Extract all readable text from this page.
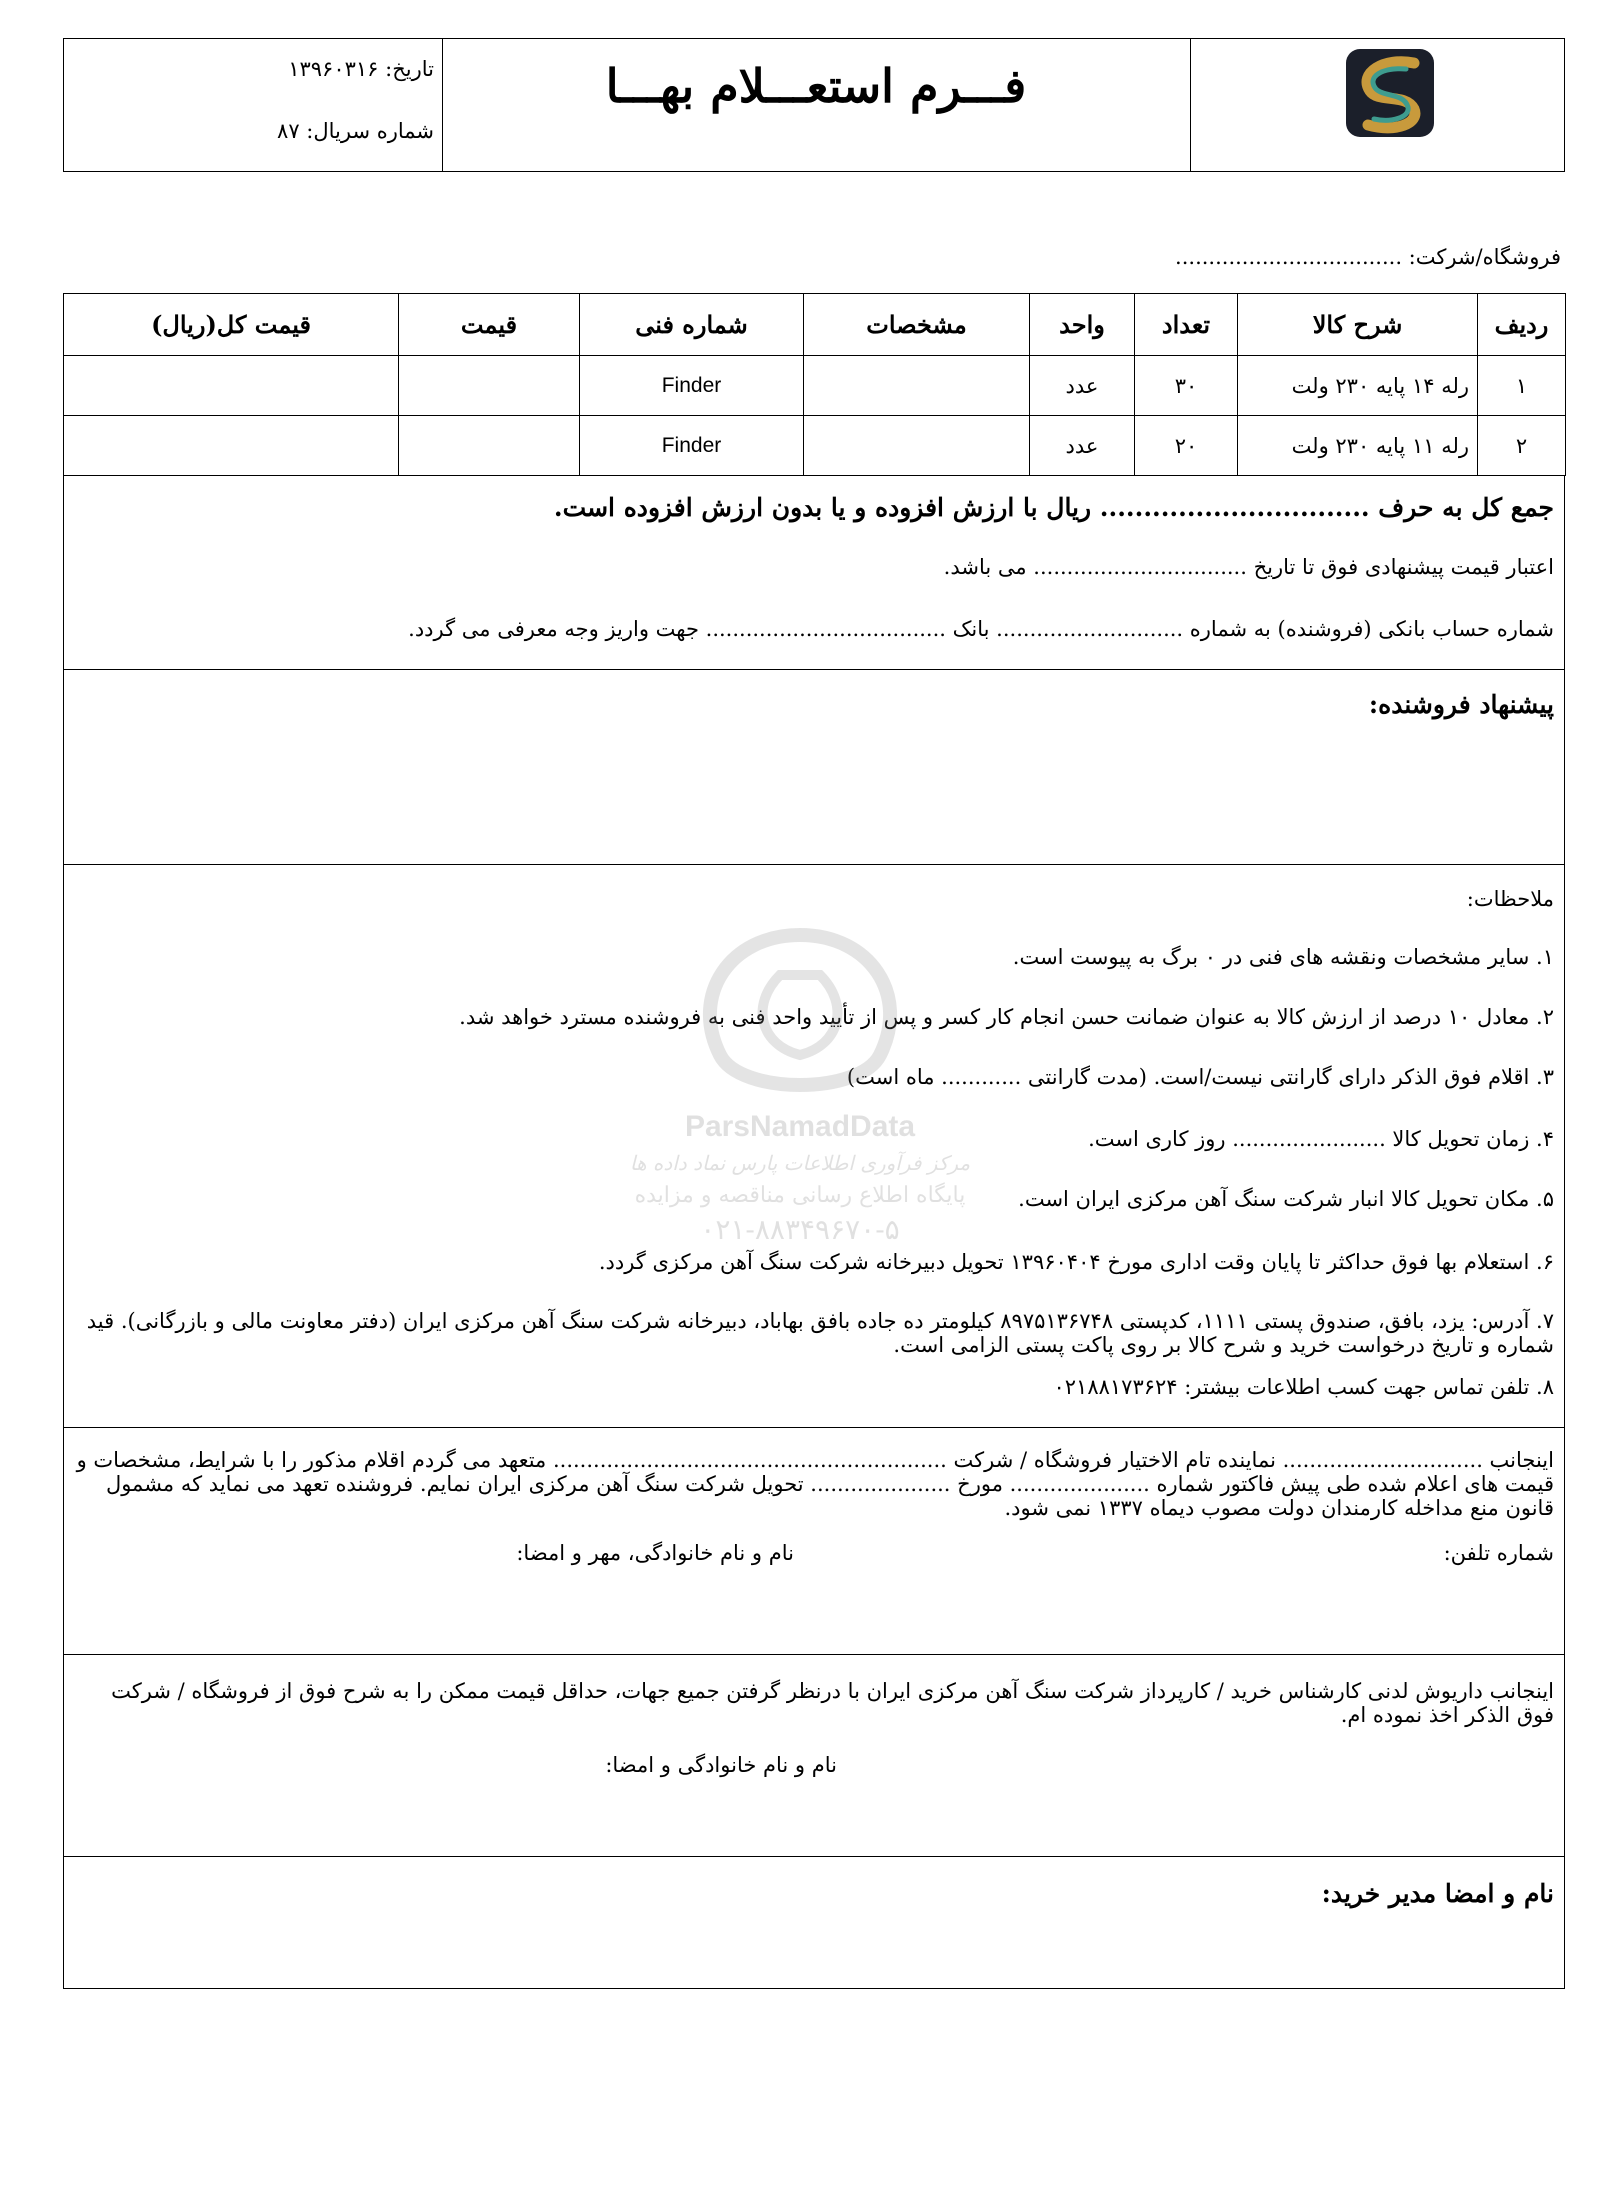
فـــرم استعـــلام بهـــا
تاریخ: ۱۳۹۶۰۳۱۶
شماره سریال: ۸۷
فروشگاه/شرکت: ..................................
ردیف	شرح کالا	تعداد	واحد	مشخصات	شماره فنی	قیمت	قیمت کل(ریال)
۱	رله ۱۴ پایه ۲۳۰ ولت	۳۰	عدد		Finder		
۲	رله ۱۱ پایه ۲۳۰ ولت	۲۰	عدد		Finder		

جمع کل به حرف ............................... ریال با ارزش افزوده و یا بدون ارزش افزوده است.

اعتبار قیمت پیشنهادی فوق تا تاریخ ................................ می باشد.

شماره حساب بانکی (فروشنده) به شماره ............................ بانک .................................... جهت واریز وجه معرفی می گردد.

پیشنهاد فروشنده:

ملاحظات:

۱. سایر مشخصات ونقشه های فنی در ۰ برگ به پیوست است.

۲. معادل ۱۰ درصد از ارزش کالا به عنوان ضمانت حسن انجام کار کسر و پس از تأیید واحد فنی به فروشنده مسترد خواهد شد.

۳. اقلام فوق الذکر دارای گارانتی نیست/است. (مدت گارانتی ............ ماه است)

۴. زمان تحویل کالا ....................... روز کاری است.

۵. مکان تحویل کالا انبار شرکت سنگ آهن مرکزی ایران است.

۶. استعلام بها فوق حداکثر تا پایان وقت اداری مورخ ۱۳۹۶۰۴۰۴ تحویل دبیرخانه شرکت سنگ آهن مرکزی گردد.

۷. آدرس: یزد، بافق، صندوق پستی ۱۱۱۱، کدپستی ۸۹۷۵۱۳۶۷۴۸ کیلومتر ده جاده بافق بهاباد، دبیرخانه شرکت سنگ آهن مرکزی ایران (دفتر معاونت مالی و بازرگانی). قید شماره و تاریخ درخواست خرید و شرح کالا بر روی پاکت پستی الزامی است.

۸. تلفن تماس جهت کسب اطلاعات بیشتر: ۰۲۱۸۸۱۷۳۶۲۴

اینجانب .............................. نماینده تام الاختیار فروشگاه / شرکت ........................................................... متعهد می گردم اقلام مذکور را با شرایط، مشخصات و قیمت های اعلام شده طی پیش فاکتور شماره ..................... مورخ ..................... تحویل شرکت سنگ آهن مرکزی ایران نمایم. فروشنده تعهد می نماید که مشمول قانون منع مداخله کارمندان دولت مصوب دیماه ۱۳۳۷ نمی شود.

شماره تلفن:

نام و نام خانوادگی، مهر و امضا:

اینجانب داریوش لدنی کارشناس خرید / کارپرداز شرکت سنگ آهن مرکزی ایران با درنظر گرفتن جمیع جهات، حداقل قیمت ممکن را به شرح فوق از فروشگاه / شرکت فوق الذکر اخذ نموده ام.

نام و نام خانوادگی و امضا:

نام و امضا مدیر خرید:

ParsNamadData
مرکز فرآوری اطلاعات پارس نماد داده ها
پایگاه اطلاع رسانی مناقصه و مزایده
۰۲۱-۸۸۳۴۹۶۷۰-۵
